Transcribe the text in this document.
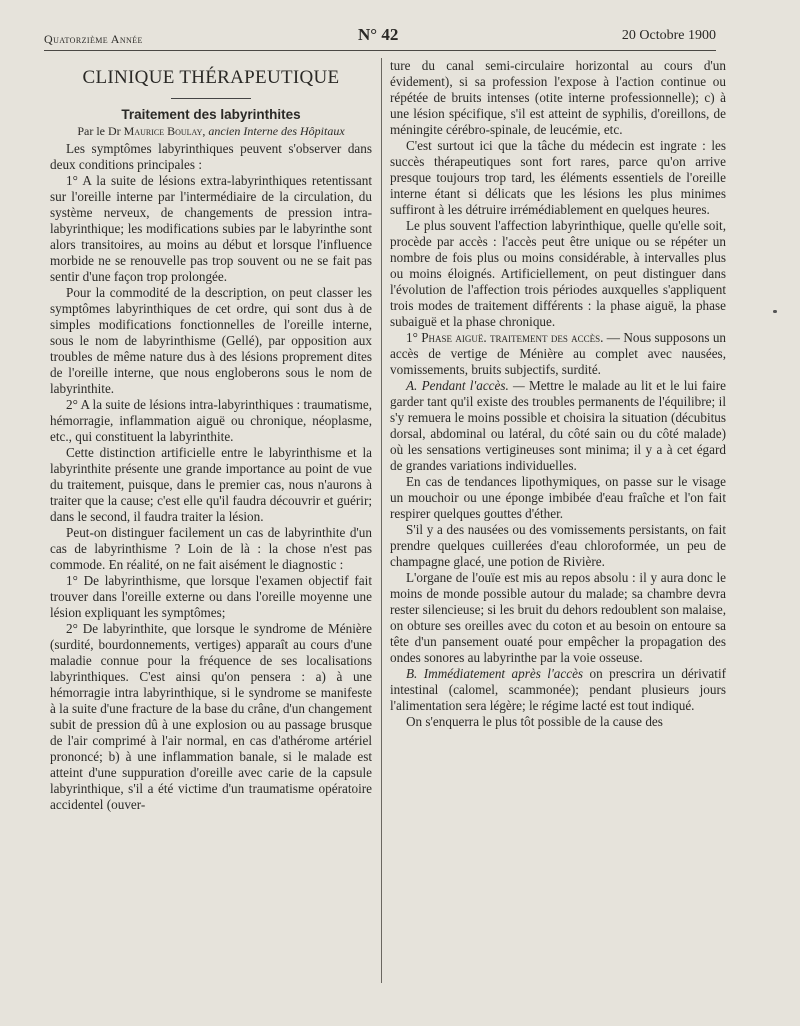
Quatorzième Année	N° 42	20 Octobre 1900
CLINIQUE THÉRAPEUTIQUE
Traitement des labyrinthites
Par le Dr Maurice Boulay, ancien Interne des Hôpitaux

Les symptômes labyrinthiques peuvent s'observer dans deux conditions principales :

1° A la suite de lésions extra-labyrinthiques retentissant sur l'oreille interne par l'intermédiaire de la circulation, du système nerveux, de changements de pression intra-labyrinthique; les modifications subies par le labyrinthe sont alors transitoires, au moins au début et lorsque l'influence morbide ne se renouvelle pas trop souvent ou ne se fait pas sentir d'une façon trop prolongée.

Pour la commodité de la description, on peut classer les symptômes labyrinthiques de cet ordre, qui sont dus à de simples modifications fonctionnelles de l'oreille interne, sous le nom de labyrinthisme (Gellé), par opposition aux troubles de même nature dus à des lésions proprement dites de l'oreille interne, que nous engloberons sous le nom de labyrinthite.

2° A la suite de lésions intra-labyrinthiques : traumatisme, hémorragie, inflammation aiguë ou chronique, néoplasme, etc., qui constituent la labyrinthite.

Cette distinction artificielle entre le labyrinthisme et la labyrinthite présente une grande importance au point de vue du traitement, puisque, dans le premier cas, nous n'aurons à traiter que la cause; c'est elle qu'il faudra découvrir et guérir; dans le second, il faudra traiter la lésion.

Peut-on distinguer facilement un cas de labyrinthite d'un cas de labyrinthisme ? Loin de là : la chose n'est pas commode. En réalité, on ne fait aisément le diagnostic :

1° De labyrinthisme, que lorsque l'examen objectif fait trouver dans l'oreille externe ou dans l'oreille moyenne une lésion expliquant les symptômes;

2° De labyrinthite, que lorsque le syndrome de Ménière (surdité, bourdonnements, vertiges) apparaît au cours d'une maladie connue pour la fréquence de ses localisations labyrinthiques. C'est ainsi qu'on pensera : a) à une hémorragie intra labyrinthique, si le syndrome se manifeste à la suite d'une fracture de la base du crâne, d'un changement subit de pression dû à une explosion ou au passage brusque de l'air comprimé à l'air normal, en cas d'athérome artériel prononcé; b) à une inflammation banale, si le malade est atteint d'une suppuration d'oreille avec carie de la capsule labyrinthique, s'il a été victime d'un traumatisme opératoire accidentel (ouver-

ture du canal semi-circulaire horizontal au cours d'un évidement), si sa profession l'expose à l'action continue ou répétée de bruits intenses (otite interne professionnelle); c) à une lésion spécifique, s'il est atteint de syphilis, d'oreillons, de méningite cérébro-spinale, de leucémie, etc.

C'est surtout ici que la tâche du médecin est ingrate : les succès thérapeutiques sont fort rares, parce qu'on arrive presque toujours trop tard, les éléments essentiels de l'oreille interne étant si délicats que les lésions les plus minimes suffiront à les détruire irrémédiablement en quelques heures.

Le plus souvent l'affection labyrinthique, quelle qu'elle soit, procède par accès : l'accès peut être unique ou se répéter un nombre de fois plus ou moins considérable, à intervalles plus ou moins éloignés. Artificiellement, on peut distinguer dans l'évolution de l'affection trois périodes auxquelles s'appliquent trois modes de traitement différents : la phase aiguë, la phase subaiguë et la phase chronique.

1° Phase aiguë. traitement des accès. — Nous supposons un accès de vertige de Ménière au complet avec nausées, vomissements, bruits subjectifs, surdité.

A. Pendant l'accès. — Mettre le malade au lit et le lui faire garder tant qu'il existe des troubles permanents de l'équilibre; il s'y remuera le moins possible et choisira la situation (décubitus dorsal, abdominal ou latéral, du côté sain ou du côté malade) où les sensations vertigineuses sont minima; il y a à cet égard de grandes variations individuelles.

En cas de tendances lipothymiques, on passe sur le visage un mouchoir ou une éponge imbibée d'eau fraîche et l'on fait respirer quelques gouttes d'éther.

S'il y a des nausées ou des vomissements persistants, on fait prendre quelques cuillerées d'eau chloroformée, un peu de champagne glacé, une potion de Rivière.

L'organe de l'ouïe est mis au repos absolu : il y aura donc le moins de monde possible autour du malade; sa chambre devra rester silencieuse; si les bruit du dehors redoublent son malaise, on obture ses oreilles avec du coton et au besoin on entoure sa tête d'un pansement ouaté pour empêcher la propagation des ondes sonores au labyrinthe par la voie osseuse.

B. Immédiatement après l'accès on prescrira un dérivatif intestinal (calomel, scammonée); pendant plusieurs jours l'alimentation sera légère; le régime lacté est tout indiqué.

On s'enquerra le plus tôt possible de la cause des
